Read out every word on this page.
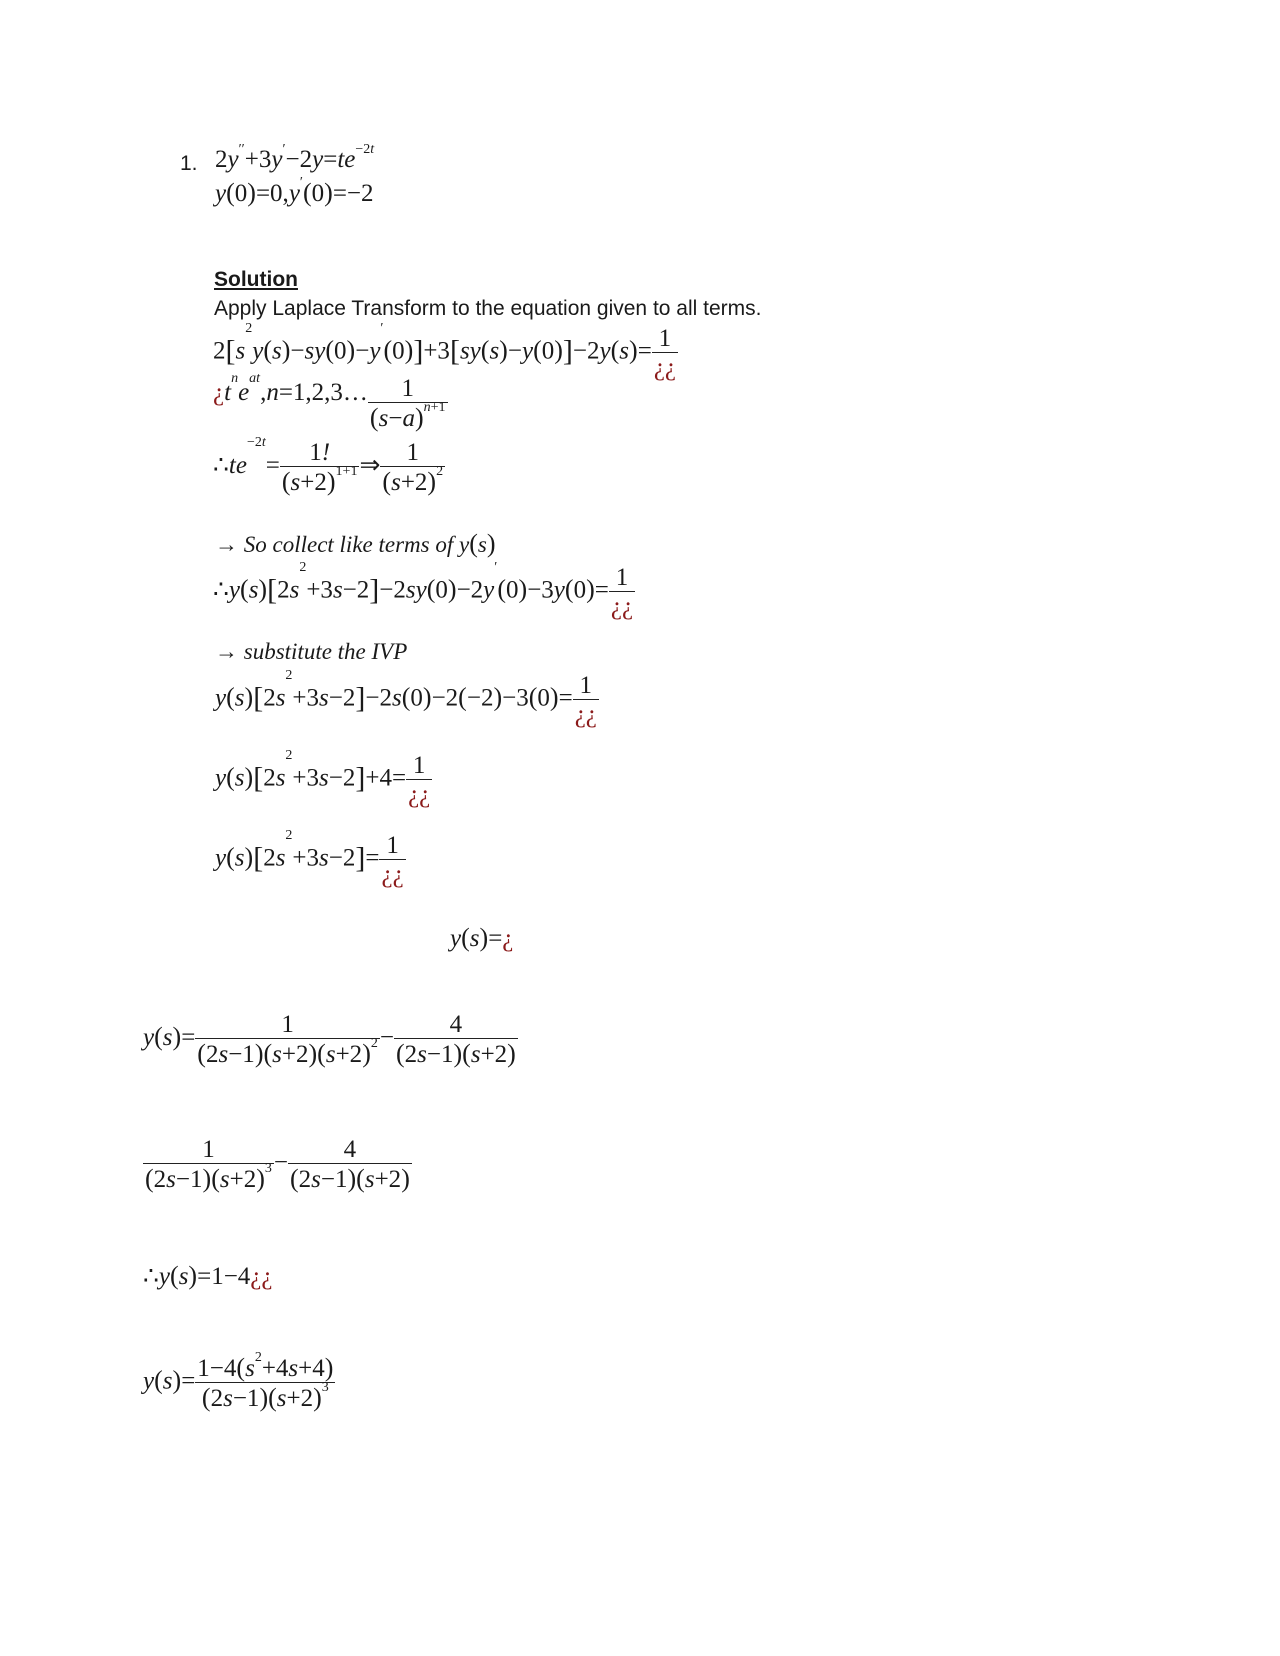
1. $2y''+3y'-2y=te^{-2t}$
y(0)=0,y′(0)=−2
Solution
Apply Laplace Transform to the equation given to all terms.
$2[s^2y(s)-sy(0)-y'(0)]+3[sy(s)-y(0)]-2y(s)= \frac{1}{¿¿}$
¿$t^ne^{at},n=1,2,3\dots \frac{1}{(s-a)^{n+1}}$
$\therefore te^{-2t}= \frac{1!}{(s+2)^{1+1}}$ ⇒ $\frac{1}{(s+2)^2}$
→ So collect like terms of y(s)
$\therefore y(s)[2s^2+3s-2]-2sy(0)-2y'(0)-3y(0)= \frac{1}{¿¿}$
→ substitute the IVP
$y(s)[2s^2+3s-2]-2s(0)-2(-2)-3(0)= \frac{1}{¿¿}$
$y(s)[2s^2+3s-2]+4= \frac{1}{¿¿}$
$y(s)[2s^2+3s-2]= \frac{1}{¿¿}$
y(s)=¿
$y(s)= \frac{1}{(2s-1)(s+2)(s+2)^2} - \frac{4}{(2s-1)(s+2)}$
$\frac{1}{(2s-1)(s+2)^3} - \frac{4}{(2s-1)(s+2)}$
∴y(s)=1−4¿¿
$y(s)= \frac{1-4(s^2+4s+4)}{(2s-1)(s+2)^3}$
